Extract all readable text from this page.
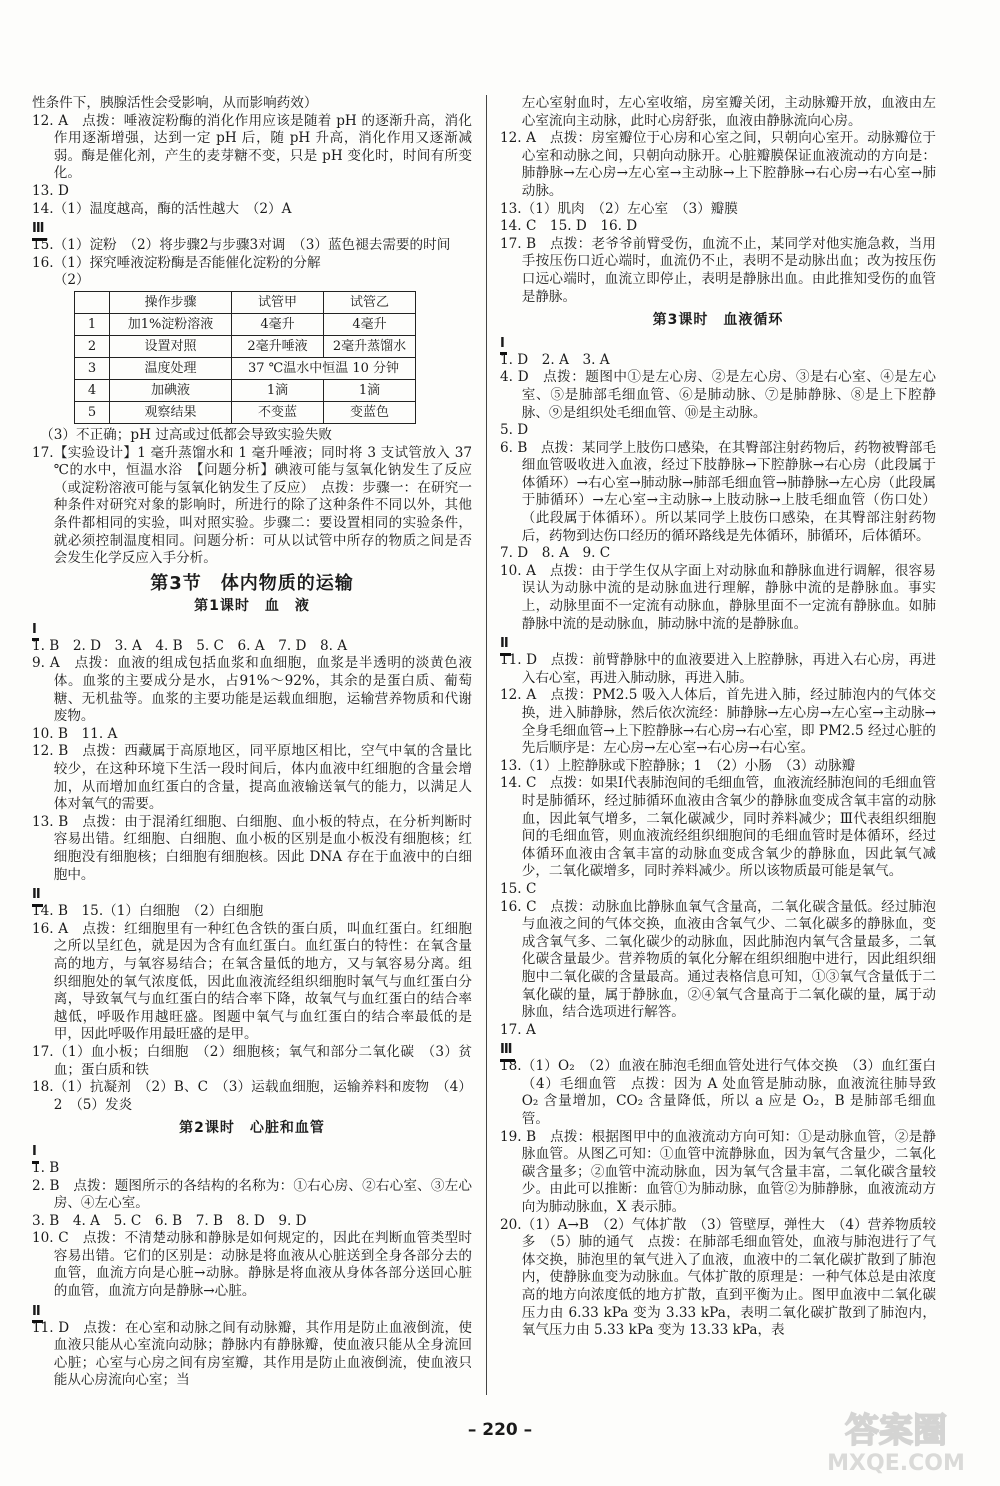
性条件下，胰腺活性会受影响，从而影响药效）

12. A　点拨：唾液淀粉酶的消化作用应该是随着 pH 的逐渐升高，消化作用逐渐增强，达到一定 pH 后，随 pH 升高，消化作用又逐渐减弱。酶是催化剂，产生的麦芽糖不变，只是 pH 变化时，时间有所变化。

13. D

14.（1）温度越高，酶的活性越大　（2）A

III

15.（1）淀粉　（2）将步骤2与步骤3对调　（3）蓝色褪去需要的时间

16.（1）探究唾液淀粉酶是否能催化淀粉的分解

（2）

	操作步骤	试管甲	试管乙
1	加1%淀粉溶液	4毫升	4毫升
2	设置对照	2毫升唾液	2毫升蒸馏水
3	温度处理	37 ℃温水中恒温 10 分钟	
4	加碘液	1滴	1滴
5	观察结果	不变蓝	变蓝色

（3）不正确；pH 过高或过低都会导致实验失败

17.【实验设计】1 毫升蒸馏水和 1 毫升唾液；同时将 3 支试管放入 37 ℃的水中，恒温水浴　【问题分析】碘液可能与氢氧化钠发生了反应（或淀粉溶液可能与氢氧化钠发生了反应）　点拨：步骤一：在研究一种条件对研究对象的影响时，所进行的除了这种条件不同以外，其他条件都相同的实验，叫对照实验。步骤二：要设置相同的实验条件，就必须控制温度相同。问题分析：可从以试管中所存的物质之间是否会发生化学反应入手分析。

第3节　体内物质的运输
第1课时　血　液
I

1. B　2. D　3. A　4. B　5. C　6. A　7. D　8. A

9. A　点拨：血液的组成包括血浆和血细胞，血浆是半透明的淡黄色液体。血浆的主要成分是水，占91%～92%，其余的是蛋白质、葡萄糖、无机盐等。血浆的主要功能是运载血细胞，运输营养物质和代谢废物。

10. B　11. A

12. B　点拨：西藏属于高原地区，同平原地区相比，空气中氧的含量比较少，在这种环境下生活一段时间后，体内血液中红细胞的含量会增加，从而增加血红蛋白的含量，提高血液输送氧气的能力，以满足人体对氧气的需要。

13. B　点拨：由于混淆红细胞、白细胞、血小板的特点，在分析判断时容易出错。红细胞、白细胞、血小板的区别是血小板没有细胞核；红细胞没有细胞核；白细胞有细胞核。因此 DNA 存在于血液中的白细胞中。

II

14. B　15.（1）白细胞　（2）白细胞

16. A　点拨：红细胞里有一种红色含铁的蛋白质，叫血红蛋白。红细胞之所以呈红色，就是因为含有血红蛋白。血红蛋白的特性：在氧含量高的地方，与氧容易结合；在氧含量低的地方，又与氧容易分离。组织细胞处的氧气浓度低，因此血液流经组织细胞时氧气与血红蛋白分离，导致氧气与血红蛋白的结合率下降，故氧气与血红蛋白的结合率越低，呼吸作用越旺盛。图题中氧气与血红蛋白的结合率最低的是甲，因此呼吸作用最旺盛的是甲。

17.（1）血小板；白细胞　（2）细胞核；氧气和部分二氧化碳　（3）贫血；蛋白质和铁

18.（1）抗凝剂　（2）B、C　（3）运载血细胞，运输养料和废物　（4）2　（5）发炎

第2课时　心脏和血管
I

1. B

2. B　点拨：题图所示的各结构的名称为：①右心房、②右心室、③左心房、④左心室。

3. B　4. A　5. C　6. B　7. B　8. D　9. D

10. C　点拨：不清楚动脉和静脉是如何规定的，因此在判断血管类型时容易出错。它们的区别是：动脉是将血液从心脏送到全身各部分去的血管，血流方向是心脏→动脉。静脉是将血液从身体各部分送回心脏的血管，血流方向是静脉→心脏。

II

11. D　点拨：在心室和动脉之间有动脉瓣，其作用是防止血液倒流，使血液只能从心室流向动脉；静脉内有静脉瓣，使血液只能从全身流回心脏；心室与心房之间有房室瓣，其作用是防止血液倒流，使血液只能从心房流向心室；当

左心室射血时，左心室收缩，房室瓣关闭，主动脉瓣开放，血液由左心室流向主动脉，此时心房舒张，血液由静脉流向心房。

12. A　点拨：房室瓣位于心房和心室之间，只朝向心室开。动脉瓣位于心室和动脉之间，只朝向动脉开。心脏瓣膜保证血液流动的方向是：肺静脉→左心房→左心室→主动脉→上下腔静脉→右心房→右心室→肺动脉。

13.（1）肌肉　（2）左心室　（3）瓣膜

14. C　15. D　16. D

17. B　点拨：老爷爷前臂受伤，血流不止，某同学对他实施急救，当用手按压伤口近心端时，血流仍不止，表明不是动脉出血；改为按压伤口远心端时，血流立即停止，表明是静脉出血。由此推知受伤的血管是静脉。

第3课时　血液循环
I

1. D　2. A　3. A

4. D　点拨：题图中①是左心房、②是左心房、③是右心室、④是左心室、⑤是肺部毛细血管、⑥是肺动脉、⑦是肺静脉、⑧是上下腔静脉、⑨是组织处毛细血管、⑩是主动脉。

5. D

6. B　点拨：某同学上肢伤口感染，在其臀部注射药物后，药物被臀部毛细血管吸收进入血液，经过下肢静脉→下腔静脉→右心房（此段属于体循环）→右心室→肺动脉→肺部毛细血管→肺静脉→左心房（此段属于肺循环）→左心室→主动脉→上肢动脉→上肢毛细血管（伤口处）（此段属于体循环）。所以某同学上肢伤口感染，在其臀部注射药物后，药物到达伤口经历的循环路线是先体循环，肺循环，后体循环。

7. D　8. A　9. C

10. A　点拨：由于学生仅从字面上对动脉血和静脉血进行调解，很容易误认为动脉中流的是动脉血进行理解，静脉中流的是静脉血。事实上，动脉里面不一定流有动脉血，静脉里面不一定流有静脉血。如肺静脉中流的是动脉血，肺动脉中流的是静脉血。

II

11. D　点拨：前臂静脉中的血液要进入上腔静脉，再进入右心房，再进入右心室，再进入肺动脉，再进入肺。

12. A　点拨：PM2.5 吸入人体后，首先进入肺，经过肺泡内的气体交换，进入肺静脉，然后依次流经：肺静脉→左心房→左心室→主动脉→全身毛细血管→上下腔静脉→右心房→右心室，即 PM2.5 经过心脏的先后顺序是：左心房→左心室→右心房→右心室。

13.（1）上腔静脉或下腔静脉；1　（2）小肠　（3）动脉瓣

14. C　点拨：如果Ⅰ代表肺泡间的毛细血管，血液流经肺泡间的毛细血管时是肺循环，经过肺循环血液由含氧少的静脉血变成含氧丰富的动脉血，因此氧气增多，二氧化碳减少，同时养料减少；Ⅲ代表组织细胞间的毛细血管，则血液流经组织细胞间的毛细血管时是体循环，经过体循环血液由含氧丰富的动脉血变成含氧少的静脉血，因此氧气减少，二氧化碳增多，同时养料减少。所以该物质最可能是氧气。

15. C

16. C　点拨：动脉血比静脉血氧气含量高，二氧化碳含量低。经过肺泡与血液之间的气体交换，血液由含氧气少、二氧化碳多的静脉血，变成含氧气多、二氧化碳少的动脉血，因此肺泡内氧气含量最多，二氧化碳含量最少。营养物质的氧化分解在组织细胞中进行，因此组织细胞中二氧化碳的含量最高。通过表格信息可知，①③氧气含量低于二氧化碳的量，属于静脉血，②④氧气含量高于二氧化碳的量，属于动脉血，结合选项进行解答。

17. A

III

18.（1）O₂　（2）血液在肺泡毛细血管处进行气体交换　（3）血红蛋白　（4）毛细血管　点拨：因为 A 处血管是肺动脉，血液流往肺导致 O₂ 含量增加，CO₂ 含量降低，所以 a 应是 O₂，B 是肺部毛细血管。

19. B　点拨：根据图甲中的血液流动方向可知：①是动脉血管，②是静脉血管。从图乙可知：①血管中流静脉血，因为氧气含量少，二氧化碳含量多；②血管中流动脉血，因为氧气含量丰富，二氧化碳含量较少。由此可以推断：血管①为肺动脉，血管②为肺静脉，血液流动方向为肺动脉血，X 表示肺。

20.（1）A→B　（2）气体扩散　（3）管壁厚，弹性大　（4）营养物质较多　（5）肺的通气　点拨：在肺部毛细血管处，血液与肺泡进行了气体交换，肺泡里的氧气进入了血液，血液中的二氧化碳扩散到了肺泡内，使静脉血变为动脉血。气体扩散的原理是：一种气体总是由浓度高的地方向浓度低的地方扩散，直到平衡为止。图甲血液中二氧化碳压力由 6.33 kPa 变为 3.33 kPa，表明二氧化碳扩散到了肺泡内，氧气压力由 5.33 kPa 变为 13.33 kPa，表

– 220 –	答案圈
MXQE.COM
